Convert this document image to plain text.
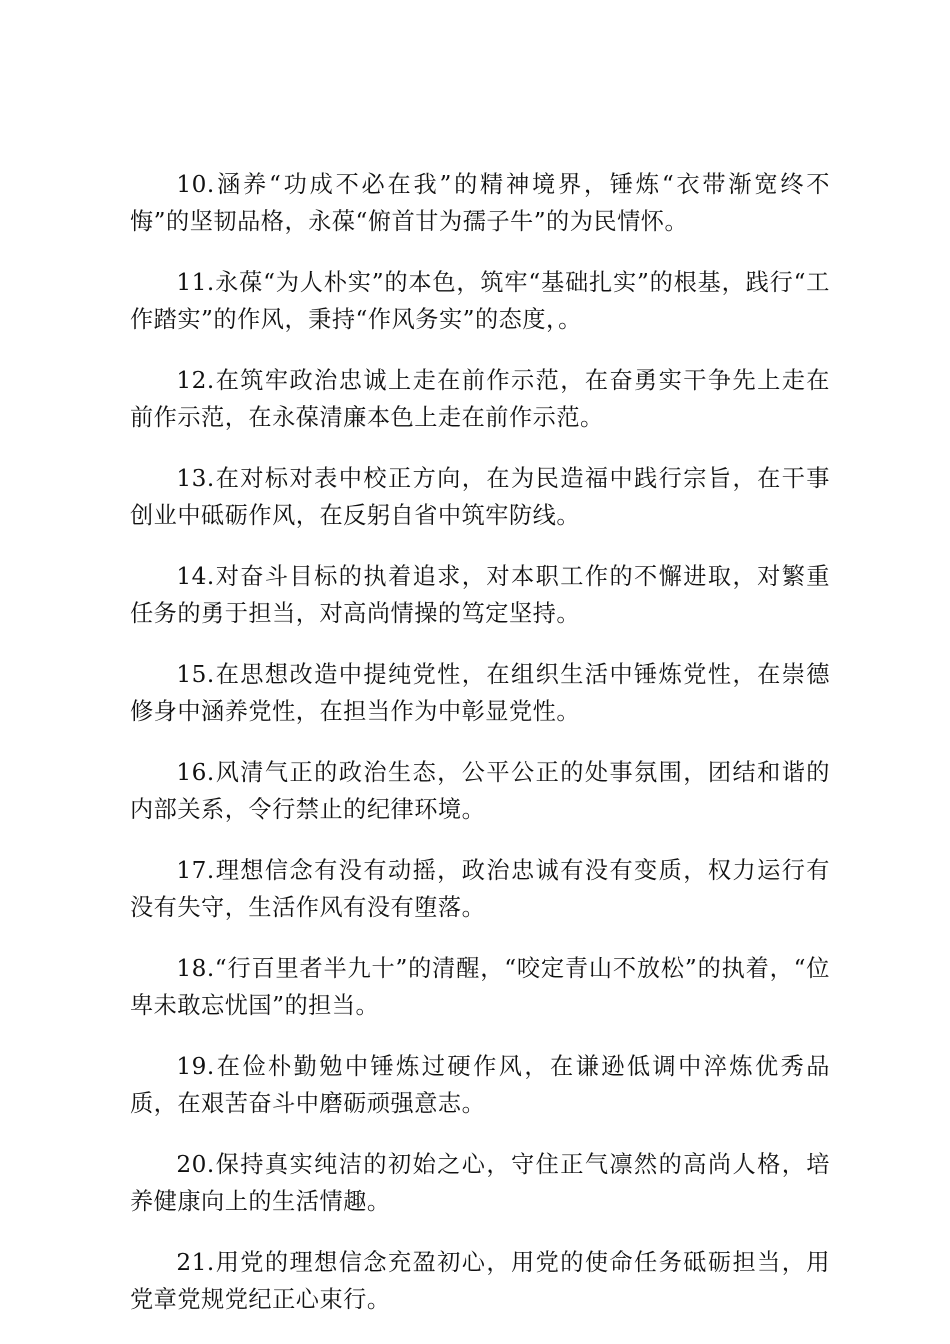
10.涵养“功成不必在我”的精神境界，锤炼“衣带渐宽终不悔”的坚韧品格，永葆“俯首甘为孺子牛”的为民情怀。

11.永葆“为人朴实”的本色，筑牢“基础扎实”的根基，践行“工作踏实”的作风，秉持“作风务实”的态度，。

12.在筑牢政治忠诚上走在前作示范，在奋勇实干争先上走在前作示范，在永葆清廉本色上走在前作示范。

13.在对标对表中校正方向，在为民造福中践行宗旨，在干事创业中砥砺作风，在反躬自省中筑牢防线。

14.对奋斗目标的执着追求，对本职工作的不懈进取，对繁重任务的勇于担当，对高尚情操的笃定坚持。

15.在思想改造中提纯党性，在组织生活中锤炼党性，在崇德修身中涵养党性，在担当作为中彰显党性。

16.风清气正的政治生态，公平公正的处事氛围，团结和谐的内部关系，令行禁止的纪律环境。

17.理想信念有没有动摇，政治忠诚有没有变质，权力运行有没有失守，生活作风有没有堕落。

18.“行百里者半九十”的清醒，“咬定青山不放松”的执着，“位卑未敢忘忧国”的担当。

19.在俭朴勤勉中锤炼过硬作风，在谦逊低调中淬炼优秀品质，在艰苦奋斗中磨砺顽强意志。

20.保持真实纯洁的初始之心，守住正气凛然的高尚人格，培养健康向上的生活情趣。

21.用党的理想信念充盈初心，用党的使命任务砥砺担当，用党章党规党纪正心束行。
